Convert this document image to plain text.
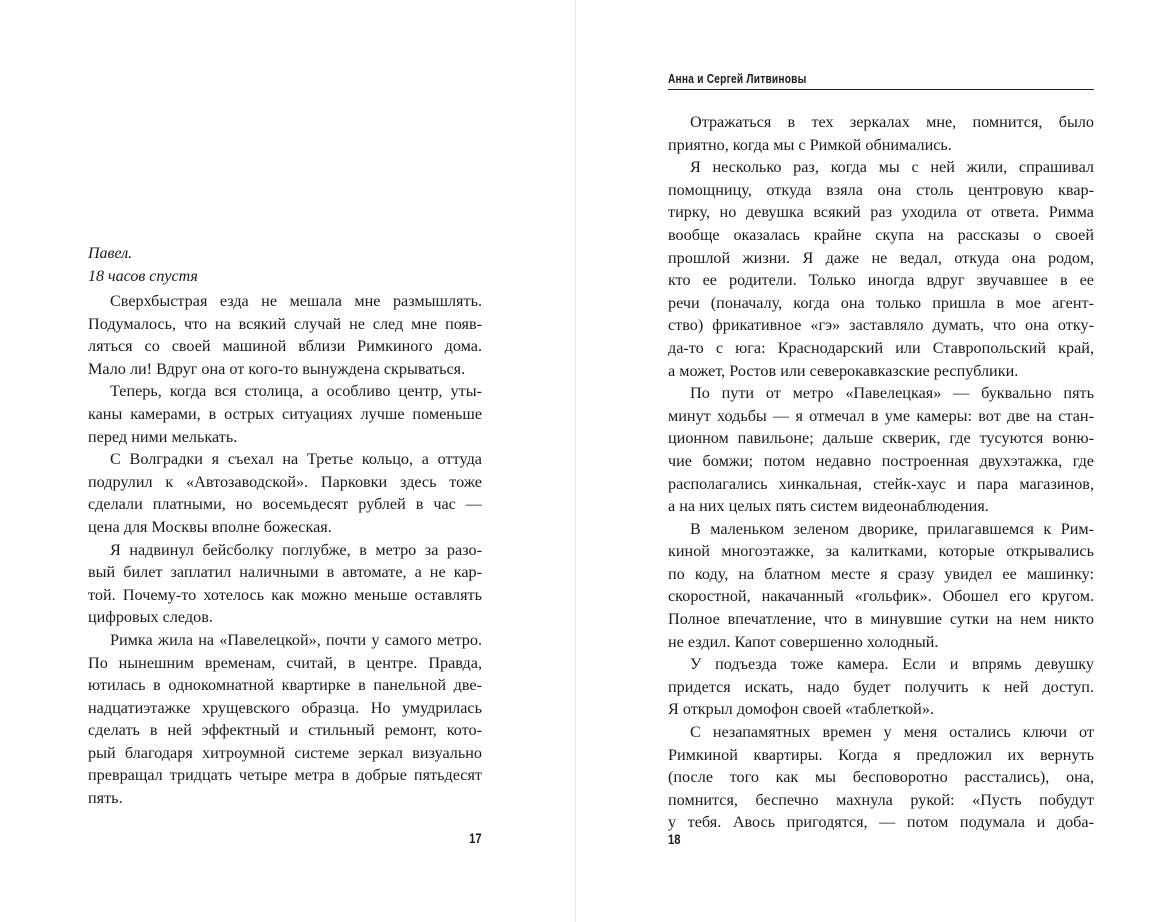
Павел.
18 часов спустя
Сверхбыстрая езда не мешала мне размышлять.
Подумалось, что на всякий случай не след мне появ-
ляться со своей машиной вблизи Римкиного дома.
Мало ли! Вдруг она от кого-то вынуждена скрываться.
Теперь, когда вся столица, а особливо центр, уты-
каны камерами, в острых ситуациях лучше поменьше
перед ними мелькать.
С Волградки я съехал на Третье кольцо, а оттуда
подрулил к «Автозаводской». Парковки здесь тоже
сделали платными, но восемьдесят рублей в час —
цена для Москвы вполне божеская.
Я надвинул бейсболку поглубже, в метро за разо-
вый билет заплатил наличными в автомате, а не кар-
той. Почему-то хотелось как можно меньше оставлять
цифровых следов.
Римка жила на «Павелецкой», почти у самого метро.
По нынешним временам, считай, в центре. Правда,
ютилась в однокомнатной квартирке в панельной две-
надцатиэтажке хрущевского образца. Но умудрилась
сделать в ней эффектный и стильный ремонт, кото-
рый благодаря хитроумной системе зеркал визуально
превращал тридцать четыре метра в добрые пятьдесят
пять.
17
Анна и Сергей Литвиновы
Отражаться в тех зеркалах мне, помнится, было
приятно, когда мы с Римкой обнимались.
Я несколько раз, когда мы с ней жили, спрашивал
помощницу, откуда взяла она столь центровую квар-
тирку, но девушка всякий раз уходила от ответа. Римма
вообще оказалась крайне скупа на рассказы о своей
прошлой жизни. Я даже не ведал, откуда она родом,
кто ее родители. Только иногда вдруг звучавшее в ее
речи (поначалу, когда она только пришла в мое агент-
ство) фрикативное «гэ» заставляло думать, что она отку-
да-то с юга: Краснодарский или Ставропольский край,
а может, Ростов или северокавказские республики.
По пути от метро «Павелецкая» — буквально пять
минут ходьбы — я отмечал в уме камеры: вот две на стан-
ционном павильоне; дальше скверик, где тусуются воню-
чие бомжи; потом недавно построенная двухэтажка, где
располагались хинкальная, стейк-хаус и пара магазинов,
а на них целых пять систем видеонаблюдения.
В маленьком зеленом дворике, прилагавшемся к Рим-
киной многоэтажке, за калитками, которые открывались
по коду, на блатном месте я сразу увидел ее машинку:
скоростной, накачанный «гольфик». Обошел его кругом.
Полное впечатление, что в минувшие сутки на нем никто
не ездил. Капот совершенно холодный.
У подъезда тоже камера. Если и впрямь девушку
придется искать, надо будет получить к ней доступ.
Я открыл домофон своей «таблеткой».
С незапамятных времен у меня остались ключи от
Римкиной квартиры. Когда я предложил их вернуть
(после того как мы бесповоротно расстались), она,
помнится, беспечно махнула рукой: «Пусть побудут
у тебя. Авось пригодятся, — потом подумала и доба-
18
